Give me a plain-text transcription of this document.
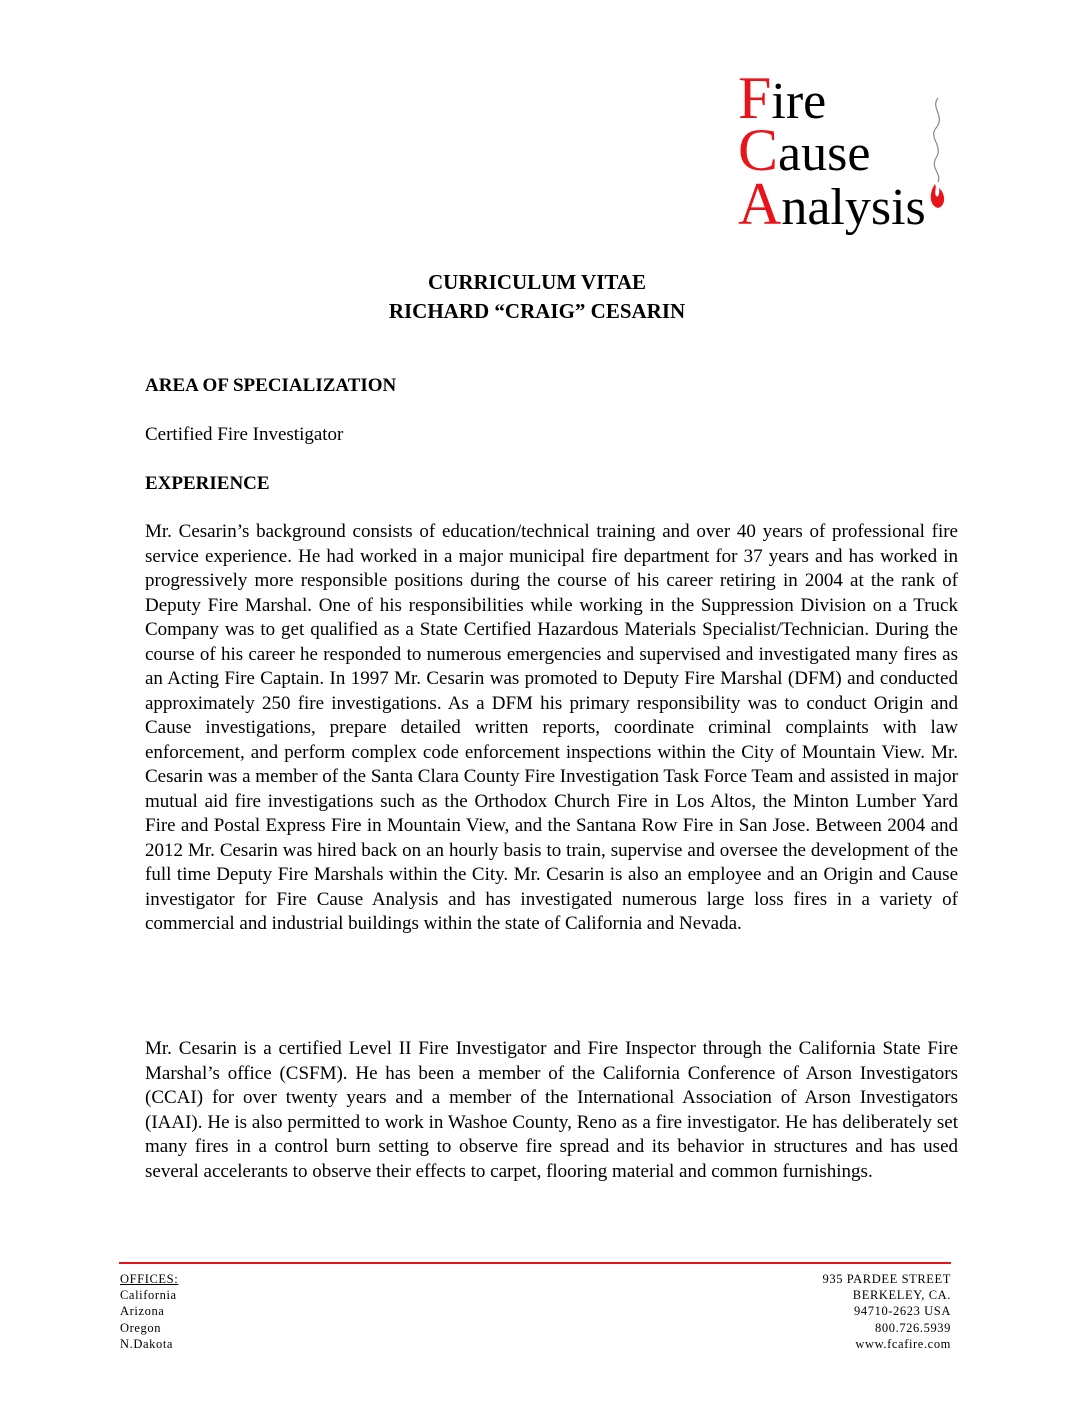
Fire
Cause
Analysis
CURRICULUM VITAE
RICHARD “CRAIG” CESARIN
AREA OF SPECIALIZATION
Certified Fire Investigator
EXPERIENCE
Mr. Cesarin’s background consists of education/technical training and over 40 years of professional fire service experience. He had worked in a major municipal fire department for 37 years and has worked in progressively more responsible positions during the course of his career retiring in 2004 at the rank of Deputy Fire Marshal. One of his responsibilities while working in the Suppression Division on a Truck Company was to get qualified as a State Certified Hazardous Materials Specialist/Technician. During the course of his career he responded to numerous emergencies and supervised and investigated many fires as an Acting Fire Captain. In 1997 Mr. Cesarin was promoted to Deputy Fire Marshal (DFM) and conducted approximately 250 fire investigations. As a DFM his primary responsibility was to conduct Origin and Cause investigations, prepare detailed written reports, coordinate criminal complaints with law enforcement, and perform complex code enforcement inspections within the City of Mountain View. Mr. Cesarin was a member of the Santa Clara County Fire Investigation Task Force Team and assisted in major mutual aid fire investigations such as the Orthodox Church Fire in Los Altos, the Minton Lumber Yard Fire and Postal Express Fire in Mountain View, and the Santana Row Fire in San Jose. Between 2004 and 2012 Mr. Cesarin was hired back on an hourly basis to train, supervise and oversee the development of the full time Deputy Fire Marshals within the City. Mr. Cesarin is also an employee and an Origin and Cause investigator for Fire Cause Analysis and has investigated numerous large loss fires in a variety of commercial and industrial buildings within the state of California and Nevada.
Mr. Cesarin is a certified Level II Fire Investigator and Fire Inspector through the California State Fire Marshal’s office (CSFM). He has been a member of the California Conference of Arson Investigators (CCAI) for over twenty years and a member of the International Association of Arson Investigators (IAAI). He is also permitted to work in Washoe County, Reno as a fire investigator. He has deliberately set many fires in a control burn setting to observe fire spread and its behavior in structures and has used several accelerants to observe their effects to carpet, flooring material and common furnishings.
OFFICES:
California
Arizona
Oregon
N.Dakota
935 PARDEE STREET
BERKELEY, CA.
94710-2623 USA
800.726.5939
www.fcafire.com
